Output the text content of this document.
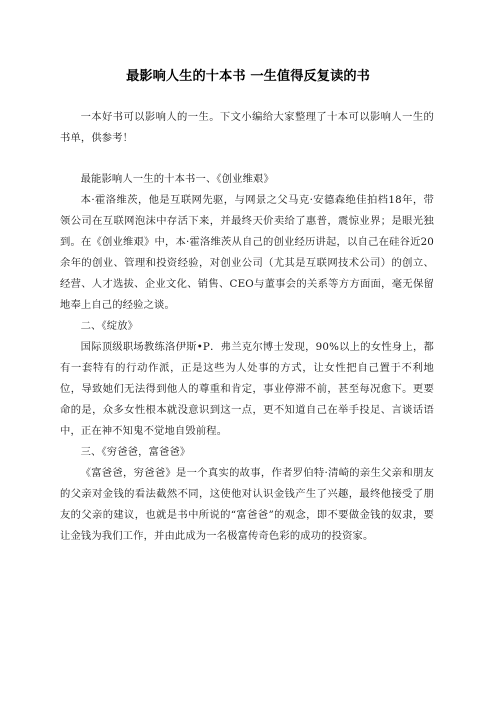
最影响人生的十本书 一生值得反复读的书

一本好书可以影响人的一生。下文小编给大家整理了十本可以影响人一生的书单，供参考！

最能影响人一生的十本书一、《创业维艰》

本·霍洛维茨，他是互联网先驱，与网景之父马克·安德森绝佳拍档18年，带领公司在互联网泡沫中存活下来，并最终天价卖给了惠普，震惊业界；是眼光独到。在《创业维艰》中，本·霍洛维茨从自己的创业经历讲起，以自己在硅谷近20余年的创业、管理和投资经验，对创业公司（尤其是互联网技术公司）的创立、经营、人才选拔、企业文化、销售、CEO与董事会的关系等方方面面，毫无保留地奉上自己的经验之谈。

二、《绽放》

国际顶级职场教练洛伊斯•P．弗兰克尔博士发现，90%以上的女性身上，都有一套特有的行动作派，正是这些为人处事的方式，让女性把自己置于不利地位，导致她们无法得到他人的尊重和肯定，事业停滞不前，甚至每况愈下。更要命的是，众多女性根本就没意识到这一点，更不知道自己在举手投足、言谈话语中，正在神不知鬼不觉地自毁前程。

三、《穷爸爸，富爸爸》

《富爸爸，穷爸爸》是一个真实的故事，作者罗伯特·清崎的亲生父亲和朋友的父亲对金钱的看法截然不同，这使他对认识金钱产生了兴趣，最终他接受了朋友的父亲的建议，也就是书中所说的“富爸爸”的观念，即不要做金钱的奴隶，要让金钱为我们工作，并由此成为一名极富传奇色彩的成功的投资家。
